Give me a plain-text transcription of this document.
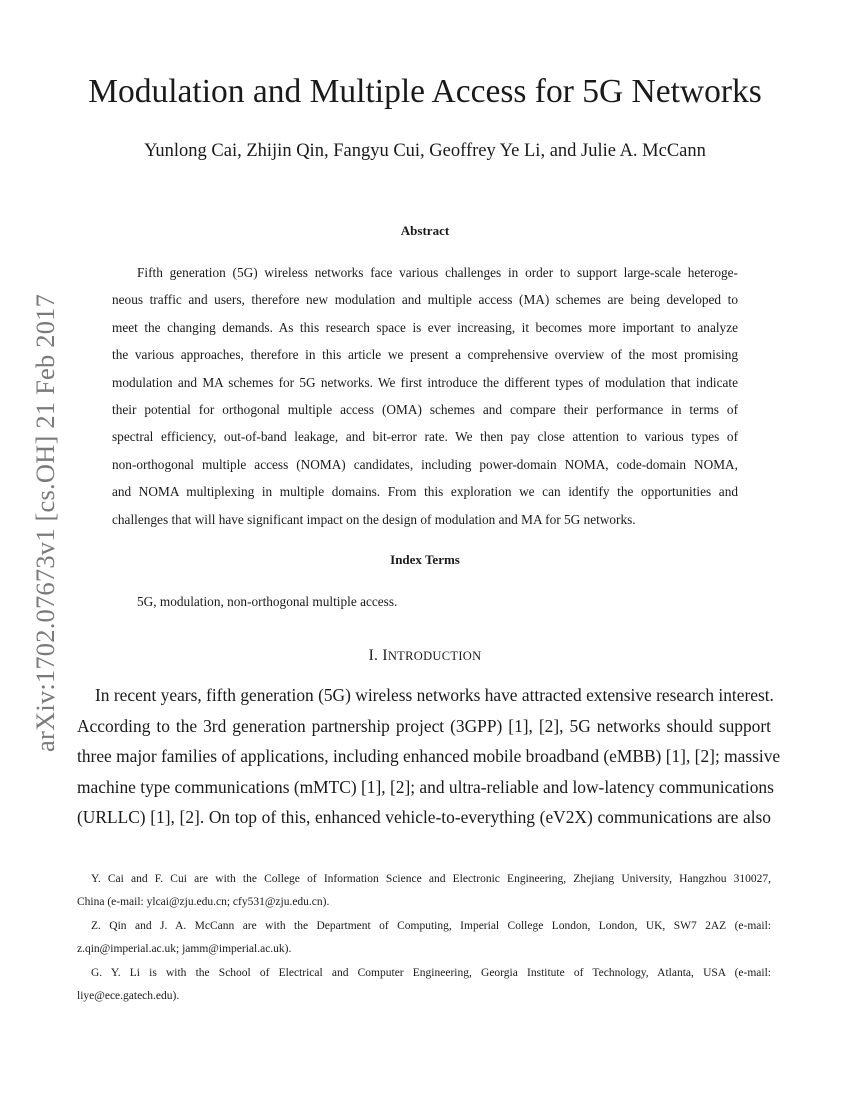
arXiv:1702.07673v1 [cs.OH] 21 Feb 2017
Modulation and Multiple Access for 5G Networks
Yunlong Cai, Zhijin Qin, Fangyu Cui, Geoffrey Ye Li, and Julie A. McCann
Abstract
Fifth generation (5G) wireless networks face various challenges in order to support large-scale heteroge-
neous traffic and users, therefore new modulation and multiple access (MA) schemes are being developed to
meet the changing demands. As this research space is ever increasing, it becomes more important to analyze
the various approaches, therefore in this article we present a comprehensive overview of the most promising
modulation and MA schemes for 5G networks. We first introduce the different types of modulation that indicate
their potential for orthogonal multiple access (OMA) schemes and compare their performance in terms of
spectral efficiency, out-of-band leakage, and bit-error rate. We then pay close attention to various types of
non-orthogonal multiple access (NOMA) candidates, including power-domain NOMA, code-domain NOMA,
and NOMA multiplexing in multiple domains. From this exploration we can identify the opportunities and
challenges that will have significant impact on the design of modulation and MA for 5G networks.
Index Terms
5G, modulation, non-orthogonal multiple access.
I. INTRODUCTION
In recent years, fifth generation (5G) wireless networks have attracted extensive research interest.
According to the 3rd generation partnership project (3GPP) [1], [2], 5G networks should support
three major families of applications, including enhanced mobile broadband (eMBB) [1], [2]; massive
machine type communications (mMTC) [1], [2]; and ultra-reliable and low-latency communications
(URLLC) [1], [2]. On top of this, enhanced vehicle-to-everything (eV2X) communications are also
Y. Cai and F. Cui are with the College of Information Science and Electronic Engineering, Zhejiang University, Hangzhou 310027,
China (e-mail: ylcai@zju.edu.cn; cfy531@zju.edu.cn).
Z. Qin and J. A. McCann are with the Department of Computing, Imperial College London, London, UK, SW7 2AZ (e-mail:
z.qin@imperial.ac.uk; jamm@imperial.ac.uk).
G. Y. Li is with the School of Electrical and Computer Engineering, Georgia Institute of Technology, Atlanta, USA (e-mail:
liye@ece.gatech.edu).
